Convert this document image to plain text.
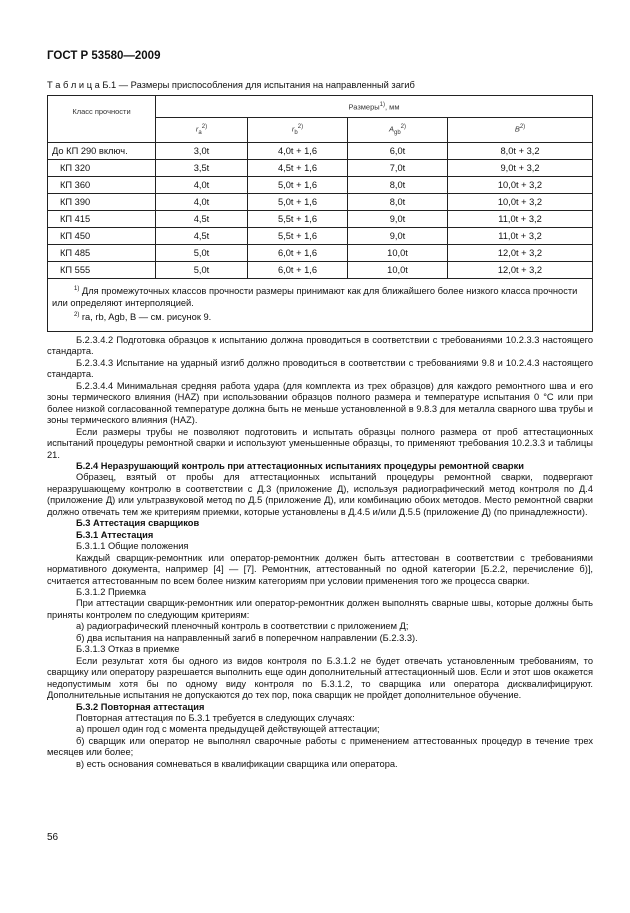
ГОСТ Р 53580—2009
Т а б л и ц а Б.1 — Размеры приспособления для испытания на направленный загиб
Класс прочности	Размеры$^{1)}$, мм			
	$r_a^{2)}$	$r_b^{2)}$	$A_{gb}^{2)}$	$B^{2)}$
До КП 290 включ.	3,0t	4,0t + 1,6	6,0t	8,0t + 3,2
КП 320	3,5t	4,5t + 1,6	7,0t	9,0t + 3,2
КП 360	4,0t	5,0t + 1,6	8,0t	10,0t + 3,2
КП 390	4,0t	5,0t + 1,6	8,0t	10,0t + 3,2
КП 415	4,5t	5,5t + 1,6	9,0t	11,0t + 3,2
КП 450	4,5t	5,5t + 1,6	9,0t	11,0t + 3,2
КП 485	5,0t	6,0t + 1,6	10,0t	12,0t + 3,2
КП 555	5,0t	6,0t + 1,6	10,0t	12,0t + 3,2

$^{1)}$ Для промежуточных классов прочности размеры принимают как для ближайшего более низкого класса прочности или определяют интерполяцией.
$^{2)}$ ra, rb, Agb, B — см. рисунок 9.				

Б.2.3.4.2 Подготовка образцов к испытанию должна проводиться в соответствии с требованиями 10.2.3.3 настоящего стандарта.

Б.2.3.4.3 Испытание на ударный изгиб должно проводиться в соответствии с требованиями 9.8 и 10.2.4.3 настоящего стандарта.

Б.2.3.4.4 Минимальная средняя работа удара (для комплекта из трех образцов) для каждого ремонтного шва и его зоны термического влияния (HAZ) при использовании образцов полного размера и температуре испытания 0 °С или при более низкой согласованной температуре должна быть не меньше установленной в 9.8.3 для металла сварного шва трубы и зоны термического влияния (HAZ).

Если размеры трубы не позволяют подготовить и испытать образцы полного размера от проб аттестационных испытаний процедуры ремонтной сварки и используют уменьшенные образцы, то применяют требования 10.2.3.3 и таблицы 21.

Б.2.4 Неразрушающий контроль при аттестационных испытаниях процедуры ремонтной сварки

Образец, взятый от пробы для аттестационных испытаний процедуры ремонтной сварки, подвергают неразрушающему контролю в соответствии с Д.3 (приложение Д), используя радиографический метод контроля по Д.4 (приложение Д) или ультразвуковой метод по Д.5 (приложение Д), или комбинацию обоих методов. Место ремонтной сварки должно отвечать тем же критериям приемки, которые установлены в Д.4.5 и/или Д.5.5 (приложение Д) (по принадлежности).

Б.3 Аттестация сварщиков

Б.3.1 Аттестация

Б.3.1.1 Общие положения

Каждый сварщик-ремонтник или оператор-ремонтник должен быть аттестован в соответствии с требованиями нормативного документа, например [4] — [7]. Ремонтник, аттестованный по одной категории [Б.2.2, перечисление б)], считается аттестованным по всем более низким категориям при условии применения того же процесса сварки.

Б.3.1.2 Приемка

При аттестации сварщик-ремонтник или оператор-ремонтник должен выполнять сварные швы, которые должны быть приняты контролем по следующим критериям:

а) радиографический пленочный контроль в соответствии с приложением Д;

б) два испытания на направленный загиб в поперечном направлении (Б.2.3.3).

Б.3.1.3 Отказ в приемке

Если результат хотя бы одного из видов контроля по Б.3.1.2 не будет отвечать установленным требованиям, то сварщику или оператору разрешается выполнить еще один дополнительный аттестационный шов. Если и этот шов окажется недопустимым хотя бы по одному виду контроля по Б.3.1.2, то сварщика или оператора дисквалифицируют. Дополнительные испытания не допускаются до тех пор, пока сварщик не пройдет дополнительное обучение.

Б.3.2 Повторная аттестация

Повторная аттестация по Б.3.1 требуется в следующих случаях:

а) прошел один год с момента предыдущей действующей аттестации;

б) сварщик или оператор не выполнял сварочные работы с применением аттестованных процедур в течение трех месяцев или более;

в) есть основания сомневаться в квалификации сварщика или оператора.

56
